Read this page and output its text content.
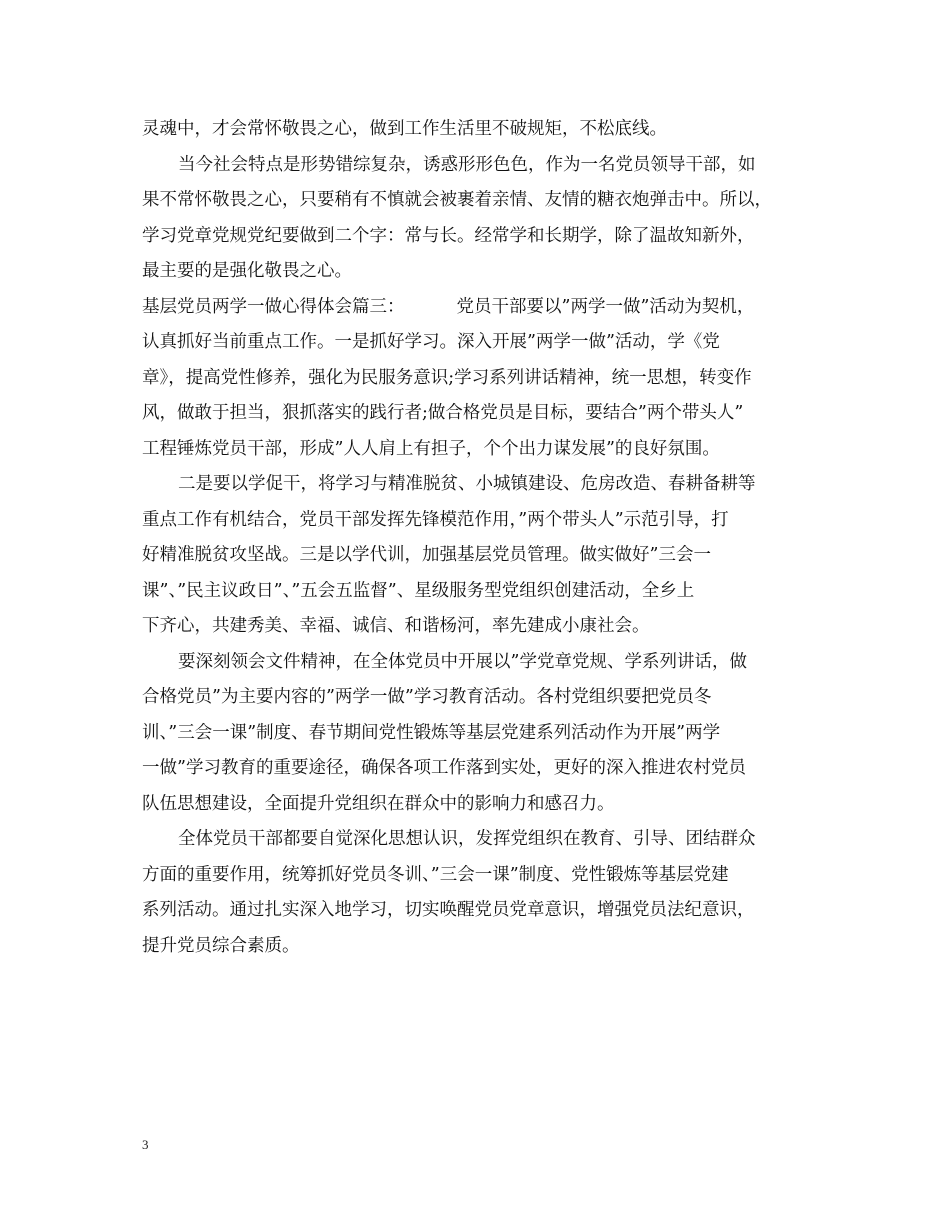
灵魂中，才会常怀敬畏之心，做到工作生活里不破规矩，不松底线。
当今社会特点是形势错综复杂，诱惑形形色色，作为一名党员领导干部，如
果不常怀敬畏之心，只要稍有不慎就会被裹着亲情、友情的糖衣炮弹击中。所以，
学习党章党规党纪要做到二个字：常与长。经常学和长期学，除了温故知新外，
最主要的是强化敬畏之心。
基层党员两学一做心得体会篇三：	党员干部要以”两学一做”活动为契机，
认真抓好当前重点工作。一是抓好学习。深入开展”两学一做”活动，学《党
章》，提高党性修养，强化为民服务意识;学习系列讲话精神，统一思想，转变作
风，做敢于担当，狠抓落实的践行者;做合格党员是目标，要结合”两个带头人”
工程锤炼党员干部，形成”人人肩上有担子，个个出力谋发展”的良好氛围。
二是要以学促干，将学习与精准脱贫、小城镇建设、危房改造、春耕备耕等
重点工作有机结合，党员干部发挥先锋模范作用，”两个带头人”示范引导，打
好精准脱贫攻坚战。三是以学代训，加强基层党员管理。做实做好”三会一
课”、”民主议政日”、”五会五监督”、星级服务型党组织创建活动，全乡上
下齐心，共建秀美、幸福、诚信、和谐杨河，率先建成小康社会。
要深刻领会文件精神，在全体党员中开展以”学党章党规、学系列讲话，做
合格党员”为主要内容的”两学一做”学习教育活动。各村党组织要把党员冬
训、”三会一课”制度、春节期间党性锻炼等基层党建系列活动作为开展”两学
一做”学习教育的重要途径，确保各项工作落到实处，更好的深入推进农村党员
队伍思想建设，全面提升党组织在群众中的影响力和感召力。
全体党员干部都要自觉深化思想认识，发挥党组织在教育、引导、团结群众
方面的重要作用，统筹抓好党员冬训、”三会一课”制度、党性锻炼等基层党建
系列活动。通过扎实深入地学习，切实唤醒党员党章意识，增强党员法纪意识，
提升党员综合素质。
3
